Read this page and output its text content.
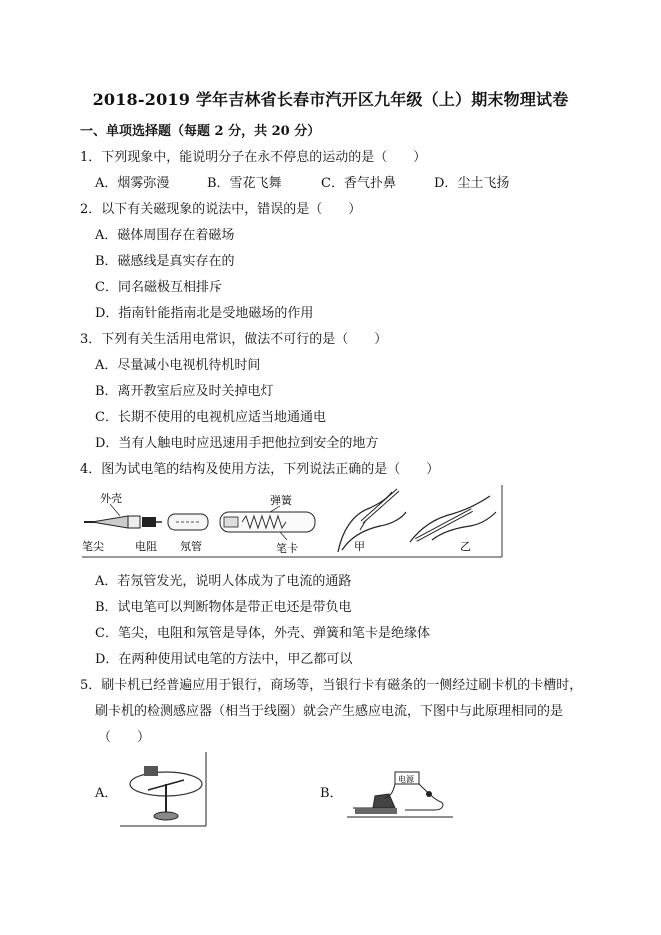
2018-2019 学年吉林省长春市汽开区九年级（上）期末物理试卷
一、单项选择题（每题 2 分，共 20 分）
1．下列现象中，能说明分子在永不停息的运动的是（　　）
A．烟雾弥漫	B．雪花飞舞	C．香气扑鼻	D．尘土飞扬
2．以下有关磁现象的说法中，错误的是（　　）
A．磁体周围存在着磁场
B．磁感线是真实存在的
C．同名磁极互相排斥
D．指南针能指南北是受地磁场的作用
3．下列有关生活用电常识，做法不可行的是（　　）
A．尽量减小电视机待机时间
B．离开教室后应及时关掉电灯
C．长期不使用的电视机应适当地通通电
D．当有人触电时应迅速用手把他拉到安全的地方
4．图为试电笔的结构及使用方法，下列说法正确的是（　　）
外壳
笔尖	电阻 氖管
弹簧
笔卡	甲	乙
A．若氖管发光，说明人体成为了电流的通路
B．试电笔可以判断物体是带正电还是带负电
C．笔尖，电阻和氖管是导体，外壳、弹簧和笔卡是绝缘体
D．在两种使用试电笔的方法中，甲乙都可以
5．刷卡机已经普遍应用于银行，商场等，当银行卡有磁条的一侧经过刷卡机的卡槽时，
刷卡机的检测感应器（相当于线圈）就会产生感应电流，下图中与此原理相同的是
（　　）
A．	B．
电源
